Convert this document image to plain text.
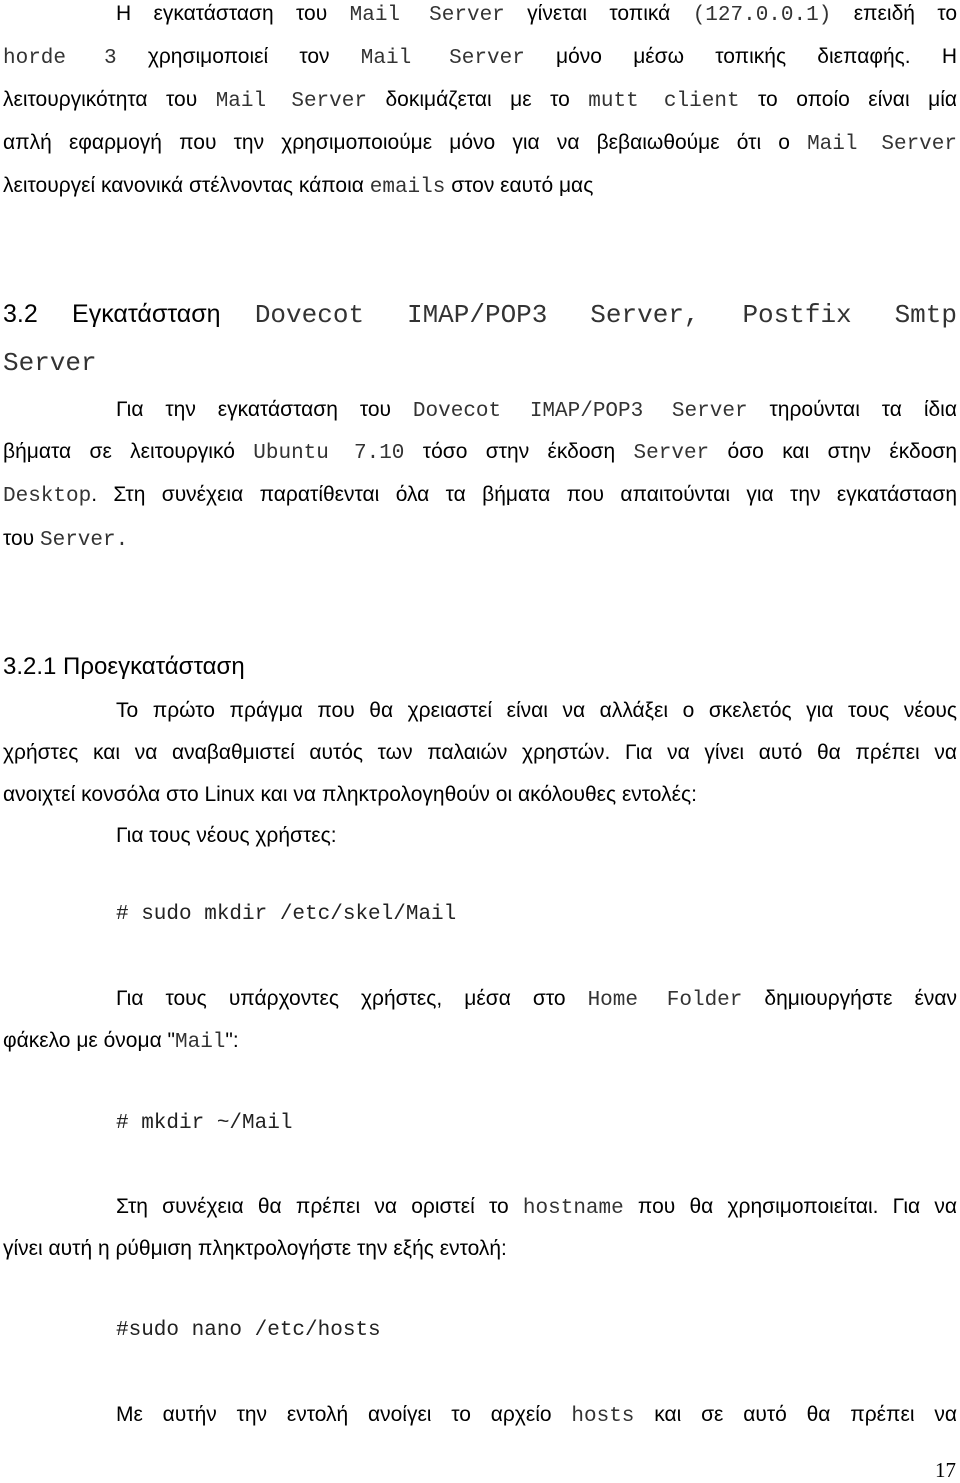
Η εγκατάσταση του Mail Server γίνεται τοπικά (127.0.0.1) επειδή το
horde 3 χρησιμοποιεί τον Mail Server μόνο μέσω τοπικής διεπαφής. Η
λειτουργικότητα του Mail Server δοκιμάζεται με το mutt client το οποίο είναι μία
απλή εφαρμογή που την χρησιμοποιούμε μόνο για να βεβαιωθούμε ότι ο Mail Server
λειτουργεί κανονικά στέλνοντας κάποια emails στον εαυτό μας
3.2 Εγκατάσταση Dovecot IMAP/POP3 Server, Postfix Smtp
Server
Για την εγκατάσταση του Dovecot IMAP/POP3 Server τηρούνται τα ίδια
βήματα σε λειτουργικό Ubuntu 7.10 τόσο στην έκδοση Server όσο και στην έκδοση
Desktop. Στη συνέχεια παρατίθενται όλα τα βήματα που απαιτούνται για την εγκατάσταση
του Server.
3.2.1 Προεγκατάσταση
Το πρώτο πράγμα που θα χρειαστεί είναι να αλλάξει ο σκελετός για τους νέους
χρήστες και να αναβαθμιστεί αυτός των παλαιών χρηστών. Για να γίνει αυτό θα πρέπει να
ανοιχτεί κονσόλα στο Linux και να πληκτρολογηθούν οι ακόλουθες εντολές:
Για τους νέους χρήστες:
# sudo mkdir /etc/skel/Mail
Για τους υπάρχοντες χρήστες, μέσα στο Home Folder δημιουργήστε έναν
φάκελο με όνομα "Mail":
# mkdir ~/Mail
Στη συνέχεια θα πρέπει να οριστεί το hostname που θα χρησιμοποιείται. Για να
γίνει αυτή η ρύθμιση πληκτρολογήστε την εξής εντολή:
#sudo nano /etc/hosts
Με αυτήν την εντολή ανοίγει το αρχείο hosts και σε αυτό θα πρέπει να
17
